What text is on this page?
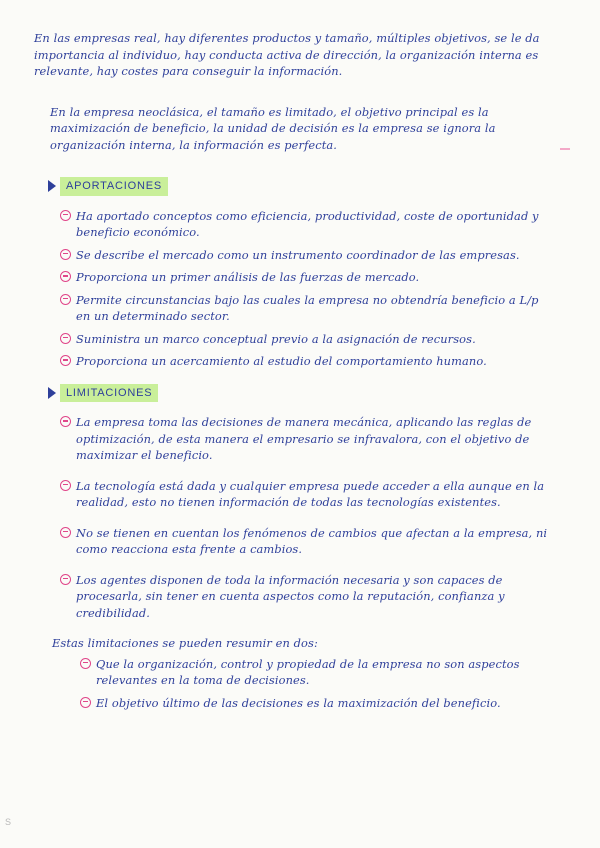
En las empresas real, hay diferentes productos y tamaño, múltiples objetivos, se le da importancia al individuo, hay conducta activa de dirección, la organización interna es relevante, hay costes para conseguir la información.

En la empresa neoclásica, el tamaño es limitado, el objetivo principal es la maximización de beneficio, la unidad de decisión es la empresa se ignora la organización interna, la información es perfecta.

APORTACIONES
Ha aportado conceptos como eficiencia, productividad, coste de oportunidad y beneficio económico.
Se describe el mercado como un instrumento coordinador de las empresas.
Proporciona un primer análisis de las fuerzas de mercado.
Permite circunstancias bajo las cuales la empresa no obtendría beneficio a L/p en un determinado sector.
Suministra un marco conceptual previo a la asignación de recursos.
Proporciona un acercamiento al estudio del comportamiento humano.
LIMITACIONES
La empresa toma las decisiones de manera mecánica, aplicando las reglas de optimización, de esta manera el empresario se infravalora, con el objetivo de maximizar el beneficio.
La tecnología está dada y cualquier empresa puede acceder a ella aunque en la realidad, esto no tienen información de todas las tecnologías existentes.
No se tienen en cuentan los fenómenos de cambios que afectan a la empresa, ni como reacciona esta frente a cambios.
Los agentes disponen de toda la información necesaria y son capaces de procesarla, sin tener en cuenta aspectos como la reputación, confianza y credibilidad.

Estas limitaciones se pueden resumir en dos:

Que la organización, control y propiedad de la empresa no son aspectos relevantes en la toma de decisiones.
El objetivo último de las decisiones es la maximización del beneficio.
S
